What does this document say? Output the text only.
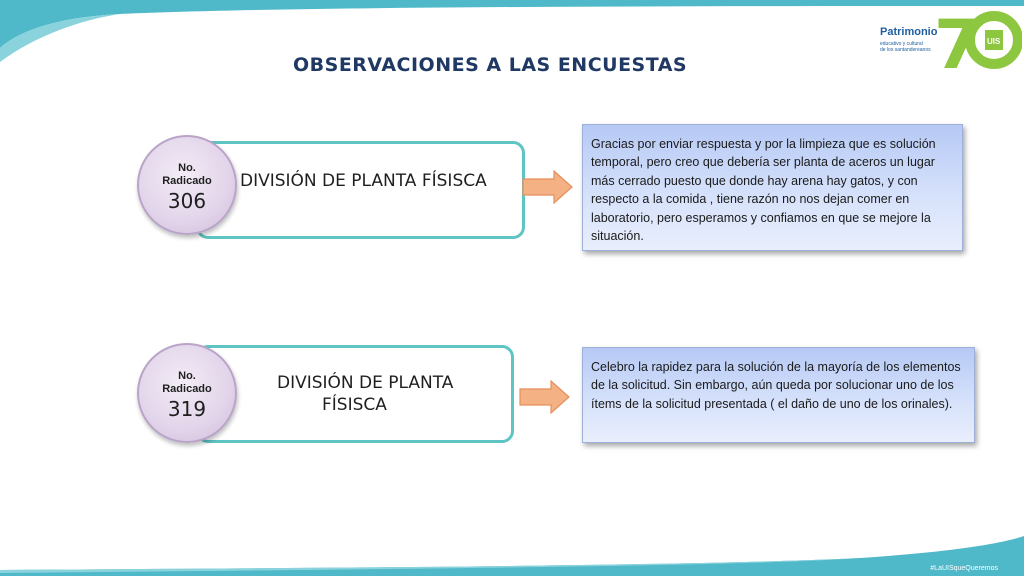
Patrimonio
educativo y cultural
de los santandereanos 7 UIS
OBSERVACIONES A LAS ENCUESTAS
DIVISIÓN DE PLANTA FÍSISCA
No.
Radicado
306
Gracias por enviar respuesta y por la limpieza que es solución temporal, pero creo que debería ser planta de aceros un lugar más cerrado puesto que donde hay arena hay gatos, y con respecto a la comida , tiene razón no nos dejan comer en laboratorio, pero esperamos y confiamos en que se mejore la situación.
DIVISIÓN DE PLANTA
FÍSISCA
No.
Radicado
319
Celebro la rapidez para la solución de la mayoría de los elementos de la solicitud. Sin embargo, aún queda por solucionar uno de los ítems de la solicitud presentada ( el daño de uno de los orinales).
#LaUISqueQueremos
